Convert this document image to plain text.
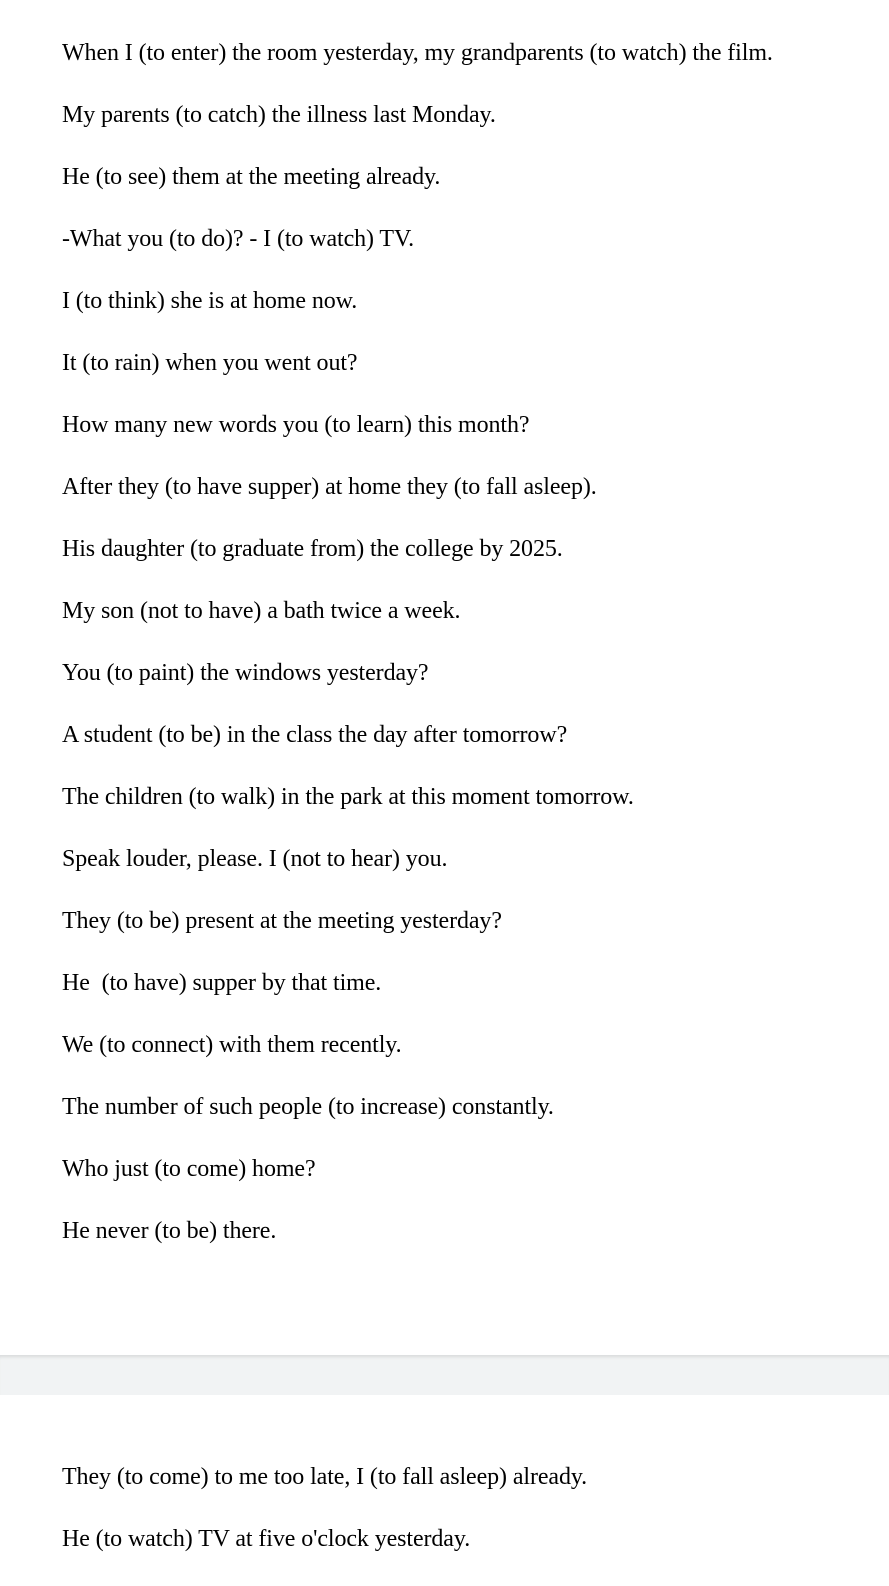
When I (to enter) the room yesterday, my grandparents (to watch) the film.
My parents (to catch) the illness last Monday.
He (to see) them at the meeting already.
-What you (to do)? - I (to watch) TV.
I (to think) she is at home now.
It (to rain) when you went out?
How many new words you (to learn) this month?
After they (to have supper) at home they (to fall asleep).
His daughter (to graduate from) the college by 2025.
My son (not to have) a bath twice a week.
You (to paint) the windows yesterday?
A student (to be) in the class the day after tomorrow?
The children (to walk) in the park at this moment tomorrow.
Speak louder, please. I (not to hear) you.
They (to be) present at the meeting yesterday?
He  (to have) supper by that time.
We (to connect) with them recently.
The number of such people (to increase) constantly.
Who just (to come) home?
He never (to be) there.
They (to come) to me too late, I (to fall asleep) already.
He (to watch) TV at five o'clock yesterday.
